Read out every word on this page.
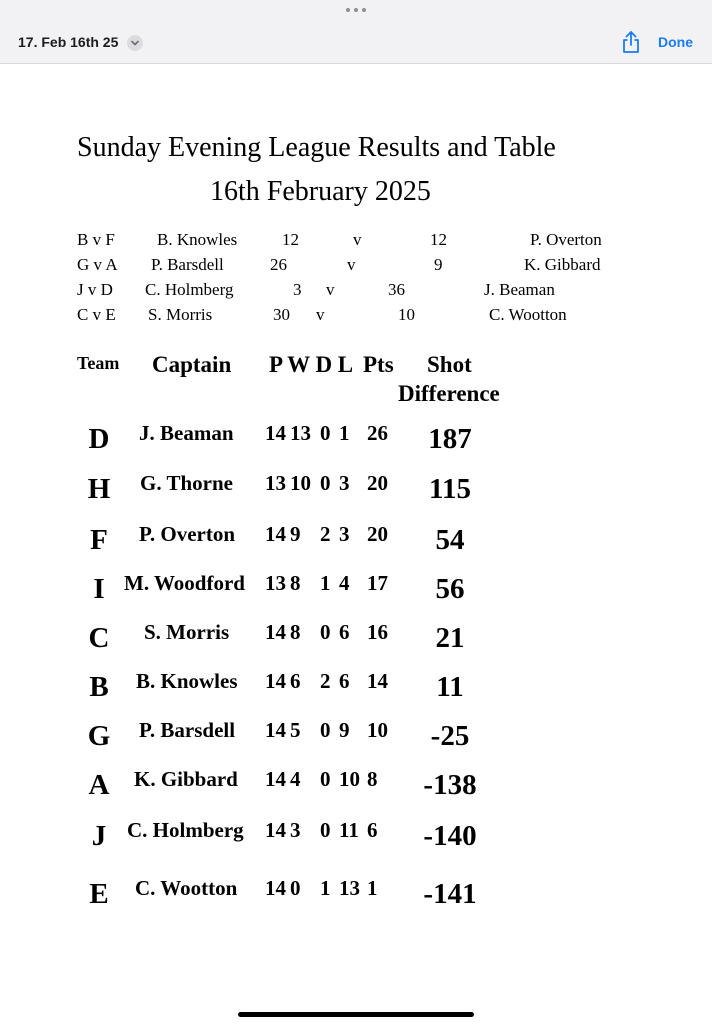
17. Feb 16th 25	Done
Sunday Evening League Results and Table
16th February 2025
Team Captain P W D L Pts Shot
Difference
B v F B. Knowles	12	v	12	P. Overton
G v A P. Barsdell	26	v	9	K. Gibbard
J v D C. Holmberg	3 v	36	J. Beaman
C v E S. Morris	30 v	10	C. Wootton
D	J. Beaman 14 13 0 1 26	187
H	G. Thorne 13 10 0 3 20	115
F	P. Overton 14 9 2 3 20	54
I M. Woodford 13 8 1 4 17	56
C	S. Morris 14 8 0 6 16	21
B	B. Knowles 14 6 2 6 14	11
G	P. Barsdell 14 5 0 9 10	-25
A	K. Gibbard 14 4 0 10 8	-138
J C. Holmberg 14 3 0 11 6	-140
E	C. Wootton 14 0 1 13 1	-141
